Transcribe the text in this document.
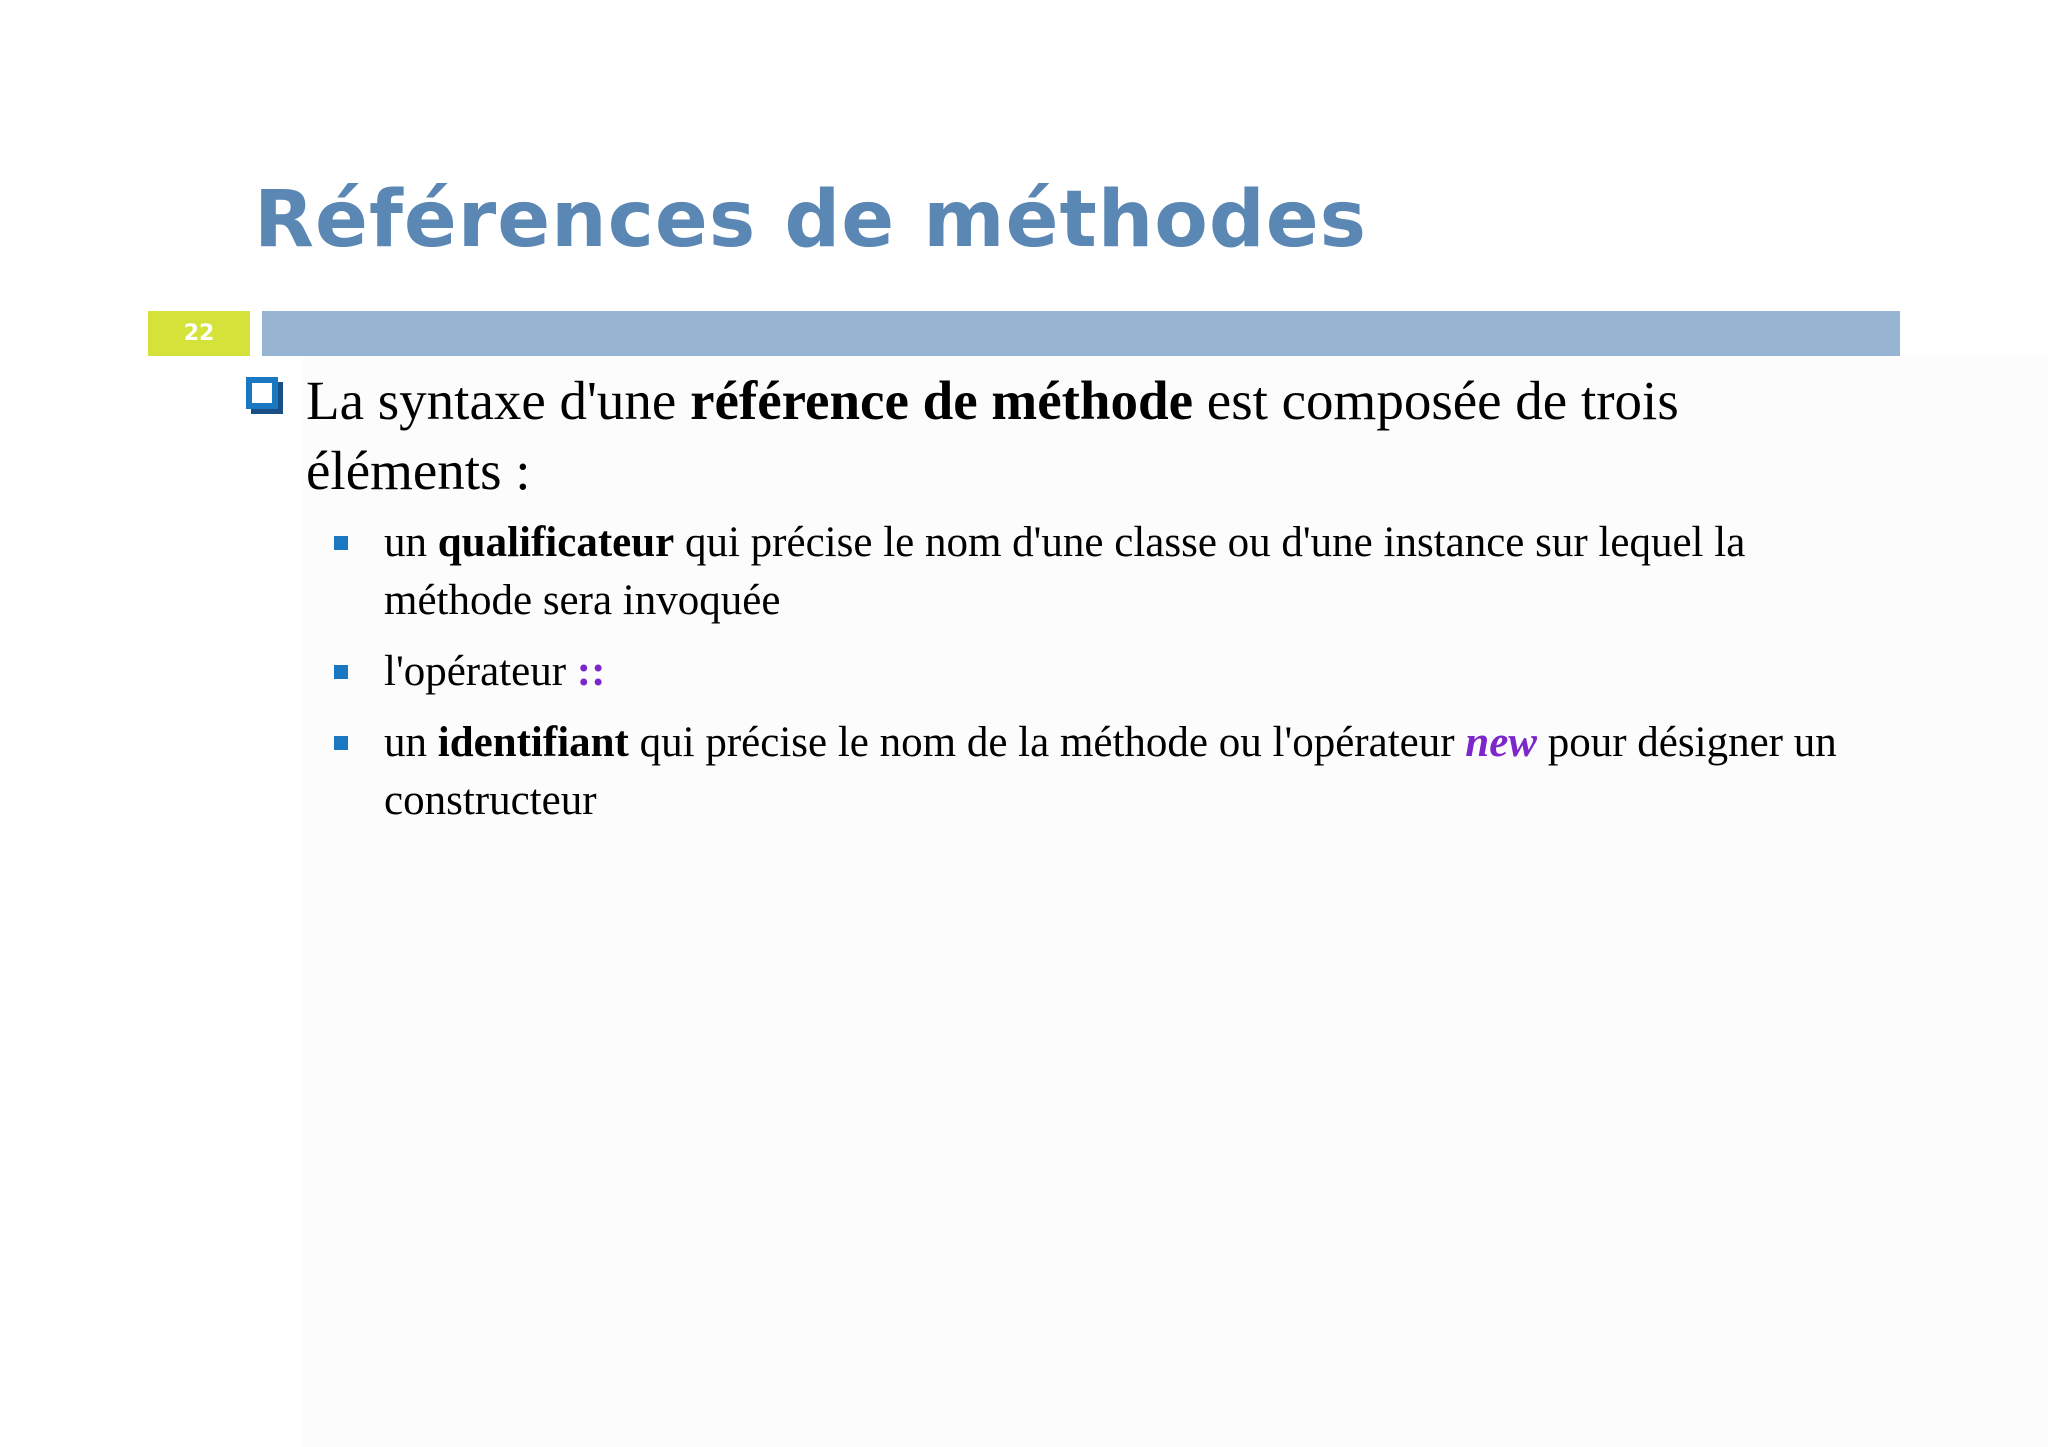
Références de méthodes
22

La syntaxe d'une référence de méthode est composée de trois éléments :

un qualificateur qui précise le nom d'une classe ou d'une instance sur lequel la méthode sera invoquée
l'opérateur ::
un identifiant qui précise le nom de la méthode ou l'opérateur new pour désigner un constructeur
